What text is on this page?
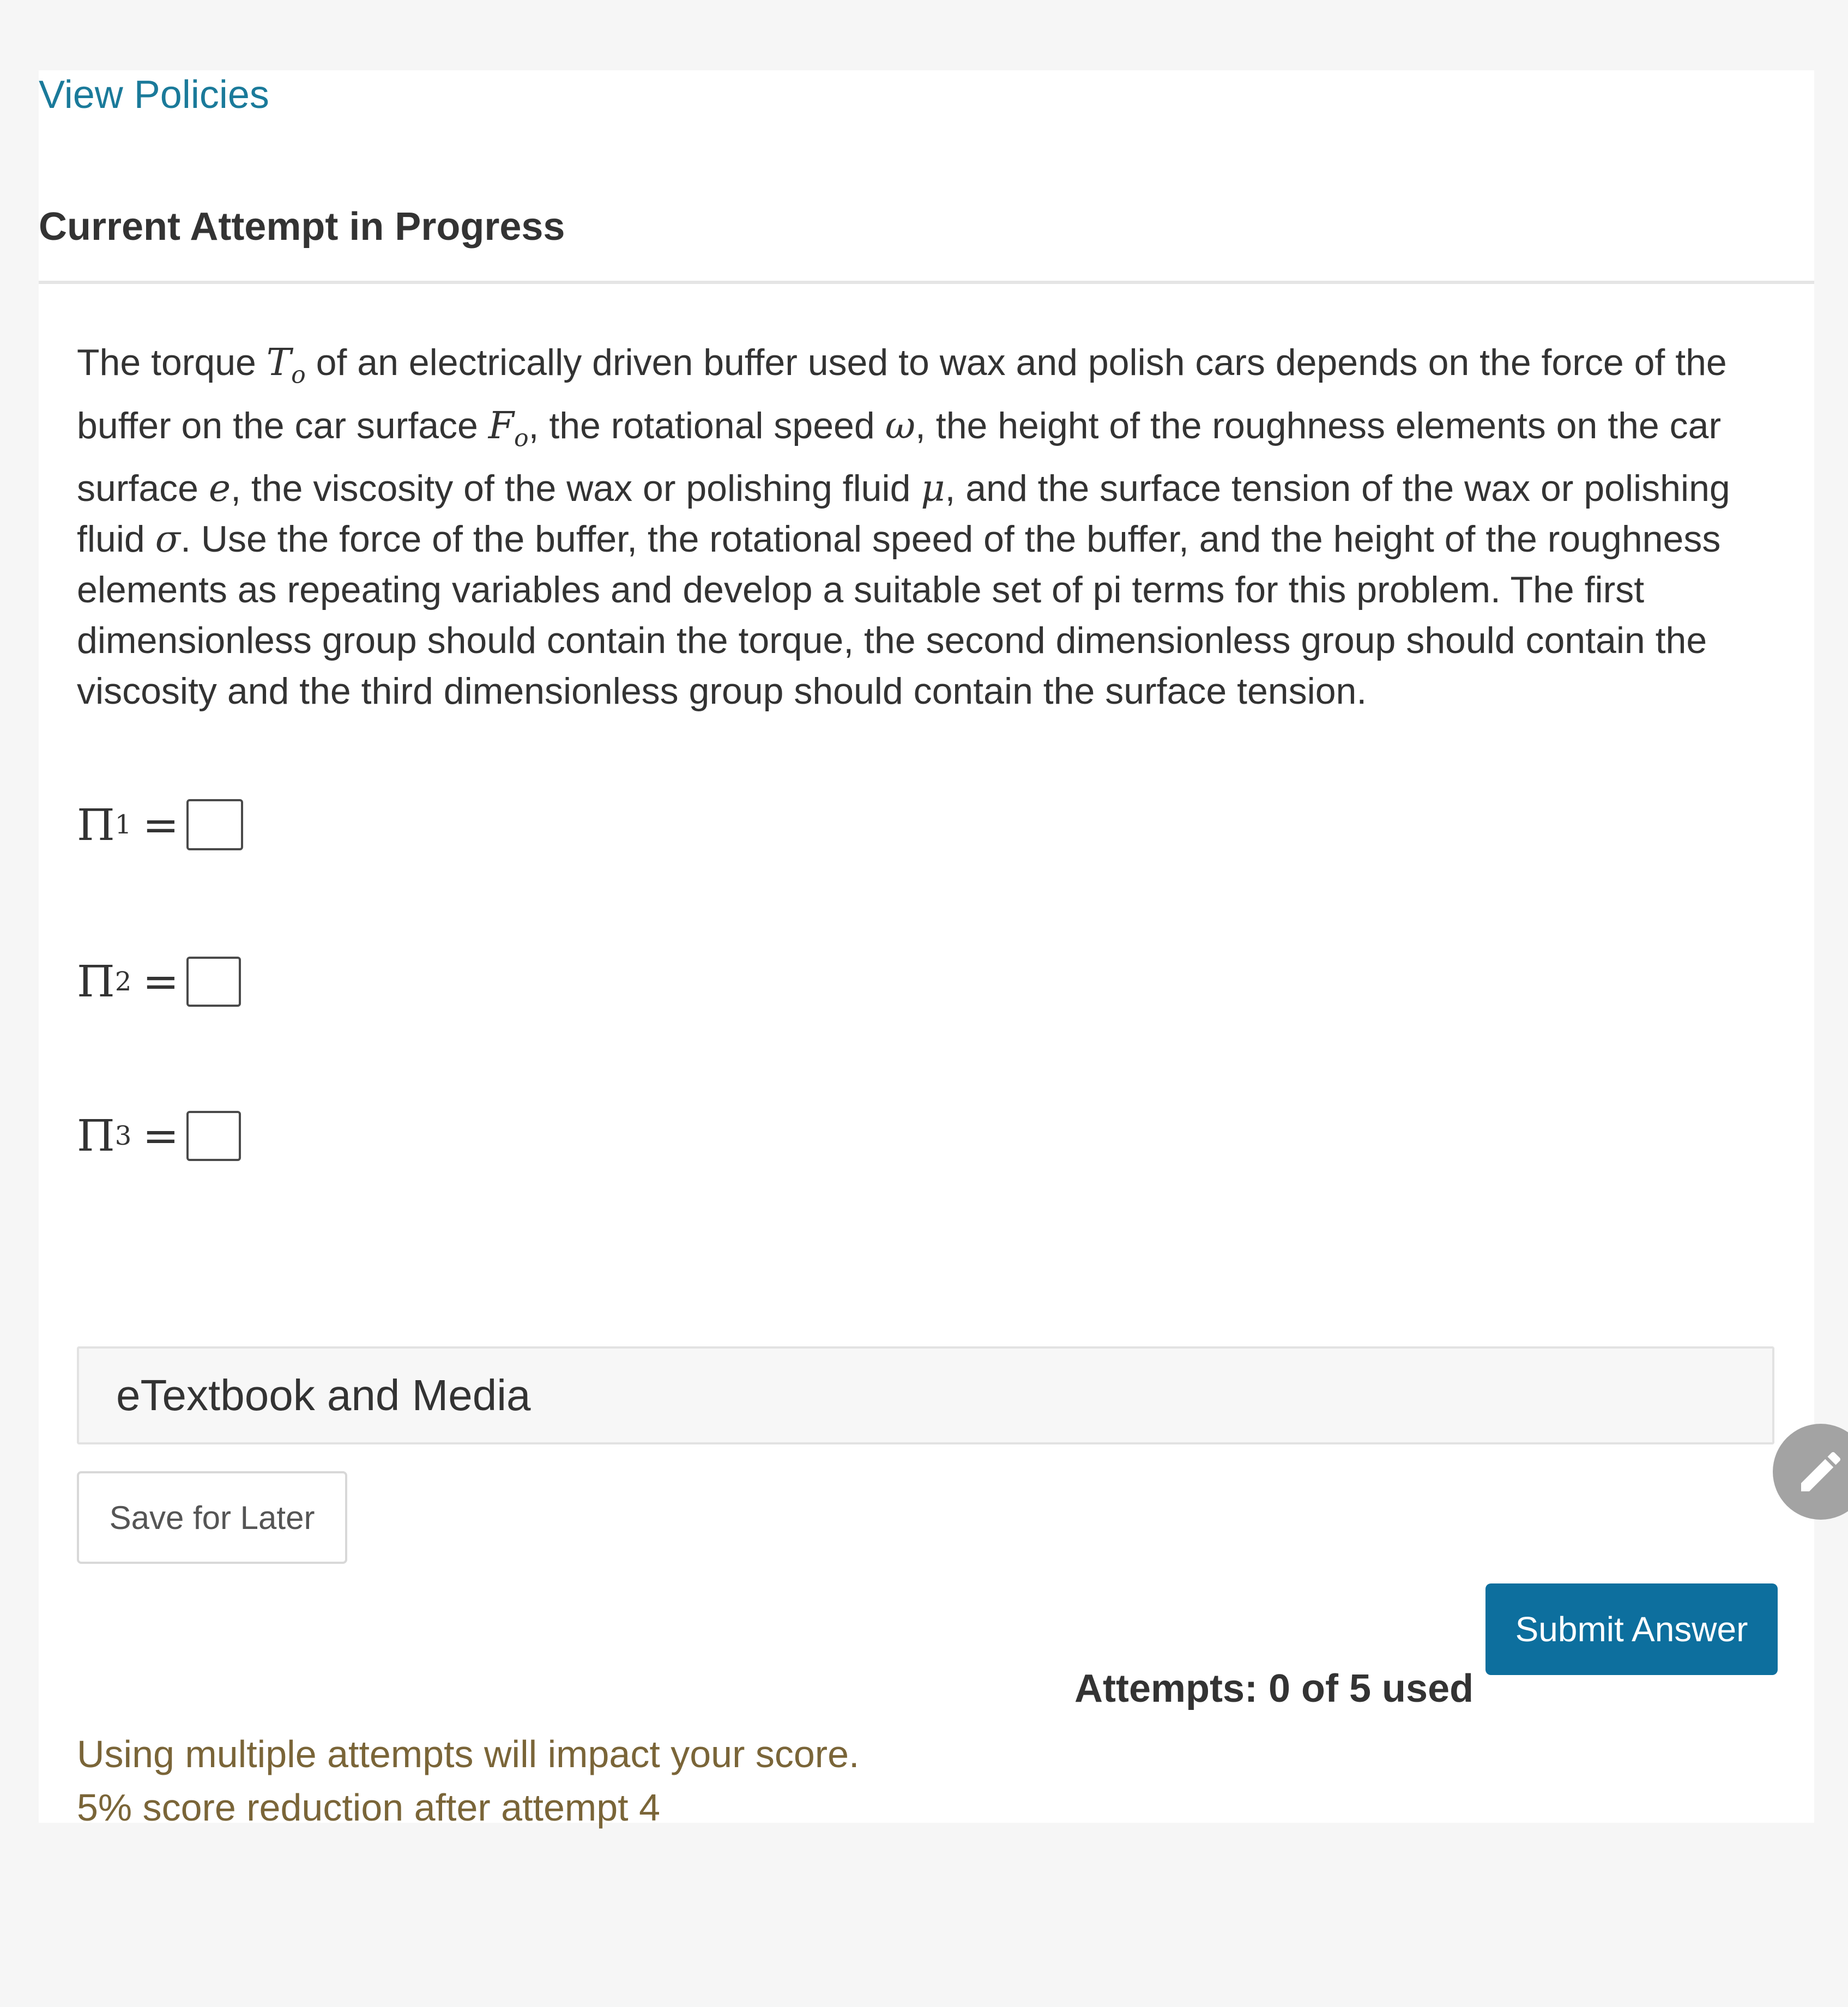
View Policies
Current Attempt in Progress

The torque $T_o$ of an electrically driven buffer used to wax and polish cars depends on the force of the buffer on the car surface $F_o$, the rotational speed ω, the height of the roughness elements on the car surface e, the viscosity of the wax or polishing fluid μ, and the surface tension of the wax or polishing fluid σ. Use the force of the buffer, the rotational speed of the buffer, and the height of the roughness elements as repeating variables and develop a suitable set of pi terms for this problem. The first dimensionless group should contain the torque, the second dimensionless group should contain the viscosity and the third dimensionless group should contain the surface tension.

Π 1 =
Π 2 =
Π 3 =
eTextbook and Media
Save for Later
Attempts: 0 of 5 used
Submit Answer
Using multiple attempts will impact your score.
5% score reduction after attempt 4
